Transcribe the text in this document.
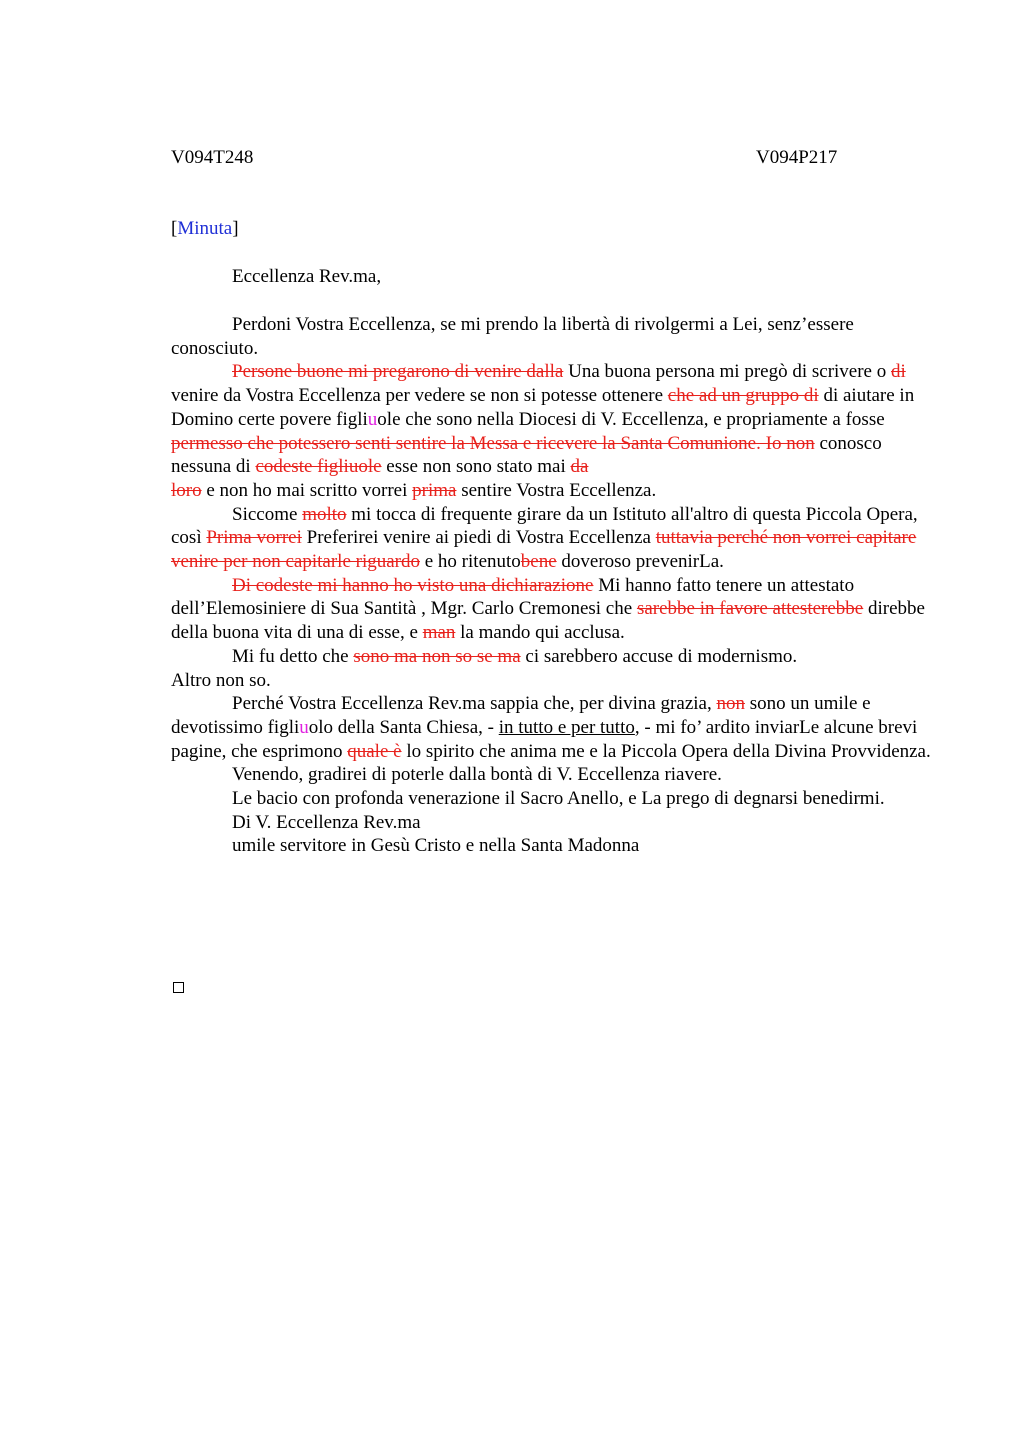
V094T248	V094P217
[Minuta]
Eccellenza Rev.ma,

Perdoni Vostra Eccellenza, se mi prendo la libertà di rivolgermi a Lei, senz’essere conosciuto.

Persone buone mi pregarono di venire dalla Una buona persona mi pregò di scrivere o di venire da Vostra Eccellenza per vedere se non si potesse ottenere che ad un gruppo di di aiutare in Domino certe povere figliuole che sono nella Diocesi di V. Eccellenza, e propriamente a fosse permesso che potessero senti sentire la Messa e ricevere la Santa Comunione. Io non conosco nessuna di codeste figliuole esse non sono stato mai da
loro e non ho mai scritto vorrei prima sentire Vostra Eccellenza.

Siccome molto mi tocca di frequente girare da un Istituto all'altro di questa Piccola Opera, così Prima vorrei Preferirei venire ai piedi di Vostra Eccellenza tuttavia perché non vorrei capitare venire per non capitarle riguardo e ho ritenutobene doveroso prevenirLa.

Di codeste mi hanno ho visto una dichiarazione Mi hanno fatto tenere un attestato dell’Elemosiniere di Sua Santità , Mgr. Carlo Cremonesi che sarebbe in favore attesterebbe direbbe della buona vita di una di esse, e man la mando qui acclusa.

Mi fu detto che sono ma non so se ma ci sarebbero accuse di modernismo.

Altro non so.

Perché Vostra Eccellenza Rev.ma sappia che, per divina grazia, non sono un umile e devotissimo figliuolo della Santa Chiesa, - in tutto e per tutto, - mi fo’ ardito inviarLe alcune brevi pagine, che esprimono quale è lo spirito che anima me e la Piccola Opera della Divina Provvidenza.

Venendo, gradirei di poterle dalla bontà di V. Eccellenza riavere.

Le bacio con profonda venerazione il Sacro Anello, e La prego di degnarsi benedirmi.

Di V. Eccellenza Rev.ma

umile servitore in Gesù Cristo e nella Santa Madonna
